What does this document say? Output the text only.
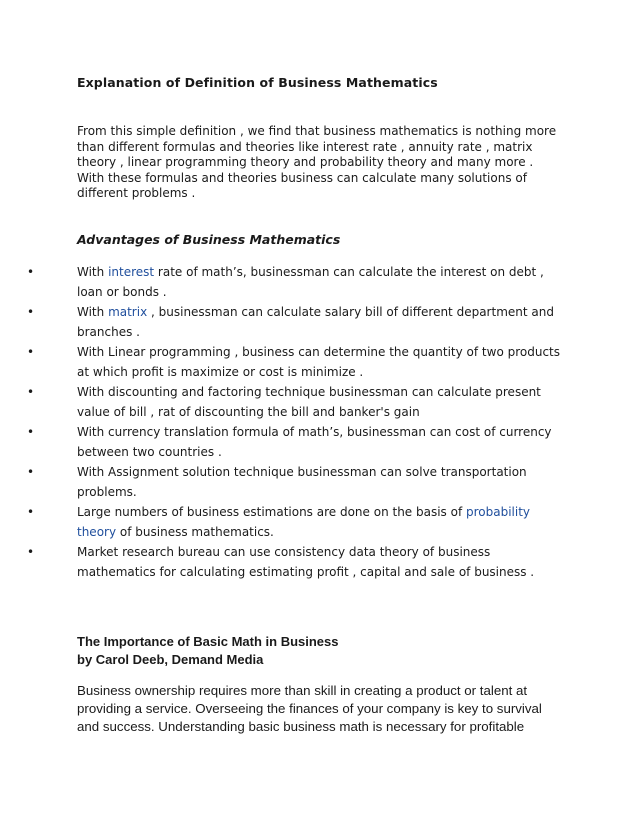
Explanation of Definition of Business Mathematics

From this simple definition , we find that business mathematics is nothing more than different formulas and theories like interest rate , annuity rate , matrix theory , linear programming theory and probability theory and many more . With these formulas and theories business can calculate many solutions of different problems .

Advantages of Business Mathematics
•	With interest rate of math’s, businessman can calculate the interest on debt , loan or bonds .
•	With matrix , businessman can calculate salary bill of different department and branches .
•	With Linear programming , business can determine the quantity of two products at which profit is maximize or cost is minimize .
•	With discounting and factoring technique businessman can calculate present value of bill , rat of discounting the bill and banker's gain
•	With currency translation formula of math’s, businessman can cost of currency between two countries .
•	With Assignment solution technique businessman can solve transportation problems.
•	Large numbers of business estimations are done on the basis of probability theory of business mathematics.
•	Market research bureau can use consistency data theory of business mathematics for calculating estimating profit , capital and sale of business .
The Importance of Basic Math in Business
by Carol Deeb, Demand Media

Business ownership requires more than skill in creating a product or talent at providing a service. Overseeing the finances of your company is key to survival and success. Understanding basic business math is necessary for profitable
